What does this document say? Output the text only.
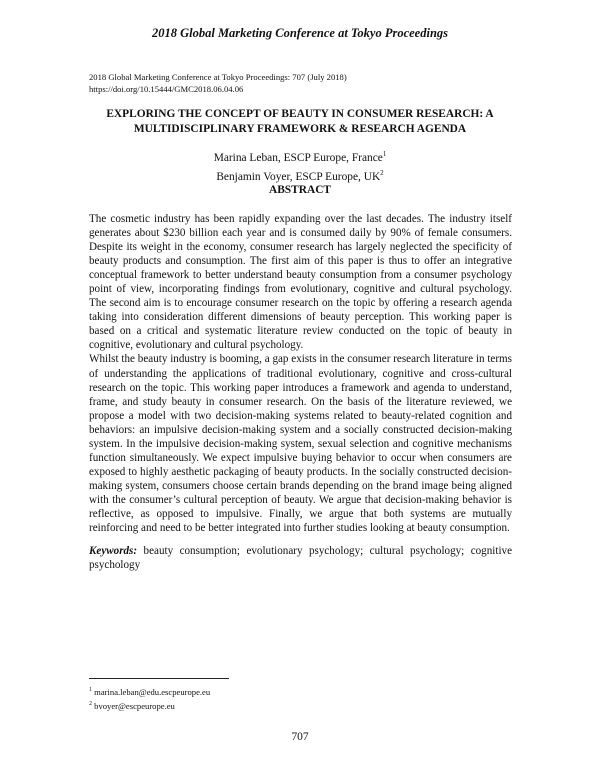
2018 Global Marketing Conference at Tokyo Proceedings
2018 Global Marketing Conference at Tokyo Proceedings: 707 (July 2018)
https://doi.org/10.15444/GMC2018.06.04.06
EXPLORING THE CONCEPT OF BEAUTY IN CONSUMER RESEARCH: A
MULTIDISCIPLINARY FRAMEWORK & RESEARCH AGENDA
Marina Leban, ESCP Europe, France$^1$
Benjamin Voyer, ESCP Europe, $UK^2$
ABSTRACT

The cosmetic industry has been rapidly expanding over the last decades. The industry itself generates about $230 billion each year and is consumed daily by 90% of female consumers. Despite its weight in the economy, consumer research has largely neglected the specificity of beauty products and consumption. The first aim of this paper is thus to offer an integrative conceptual framework to better understand beauty consumption from a consumer psychology point of view, incorporating findings from evolutionary, cognitive and cultural psychology. The second aim is to encourage consumer research on the topic by offering a research agenda taking into consideration different dimensions of beauty perception. This working paper is based on a critical and systematic literature review conducted on the topic of beauty in cognitive, evolutionary and cultural psychology.

Whilst the beauty industry is booming, a gap exists in the consumer research literature in terms of understanding the applications of traditional evolutionary, cognitive and cross-cultural research on the topic. This working paper introduces a framework and agenda to understand, frame, and study beauty in consumer research. On the basis of the literature reviewed, we propose a model with two decision-making systems related to beauty-related cognition and behaviors: an impulsive decision-making system and a socially constructed decision-making system. In the impulsive decision-making system, sexual selection and cognitive mechanisms function simultaneously. We expect impulsive buying behavior to occur when consumers are exposed to highly aesthetic packaging of beauty products. In the socially constructed decision-making system, consumers choose certain brands depending on the brand image being aligned with the consumer’s cultural perception of beauty. We argue that decision-making behavior is reflective, as opposed to impulsive. Finally, we argue that both systems are mutually reinforcing and need to be better integrated into further studies looking at beauty consumption.

Keywords: beauty consumption; evolutionary psychology; cultural psychology; cognitive psychology

$^1$ marina.leban@edu.escpeurope.eu
$^2$ bvoyer@escpeurope.eu
707
